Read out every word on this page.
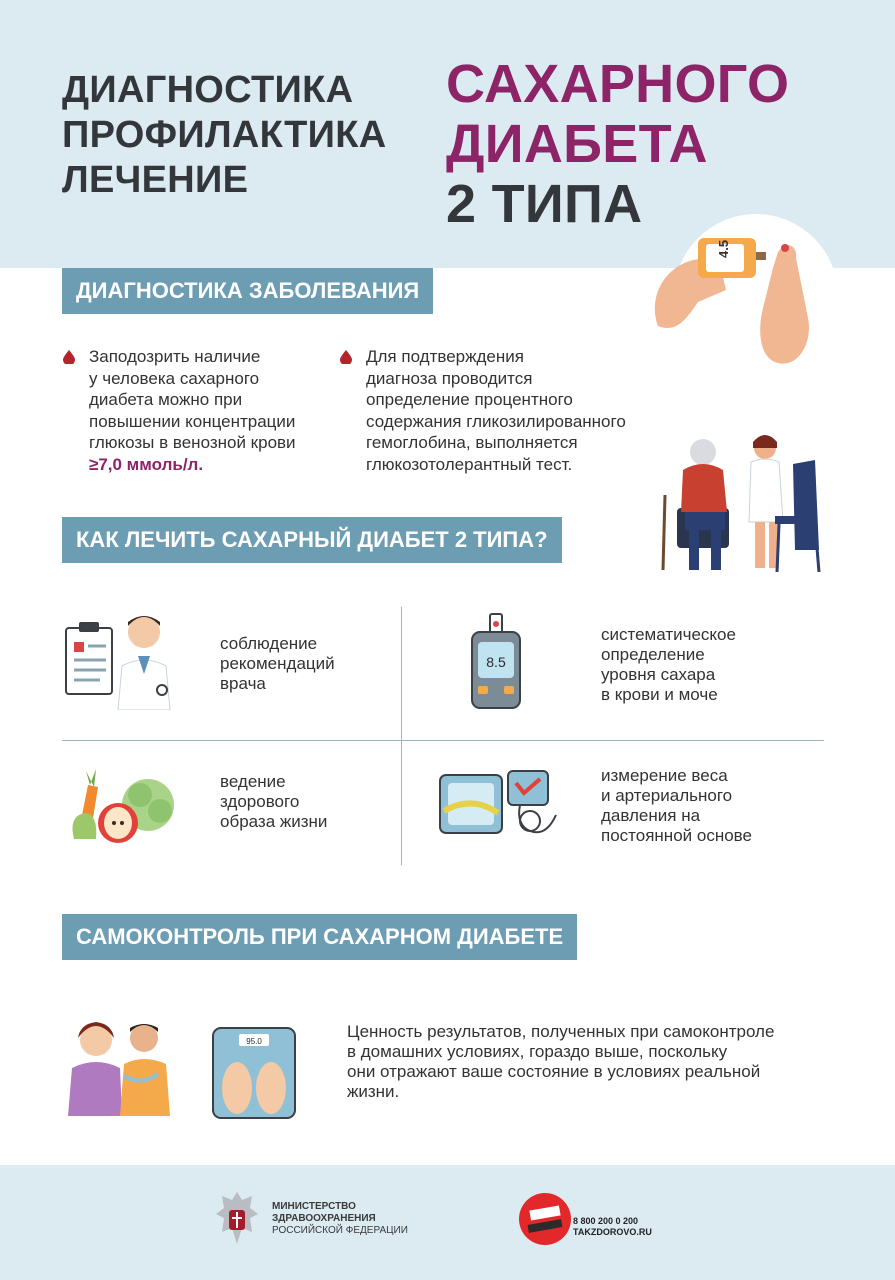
ДИАГНОСТИКА
ПРОФИЛАКТИКА
ЛЕЧЕНИЕ
САХАРНОГО
ДИАБЕТА
2 ТИПА
4.5
ДИАГНОСТИКА ЗАБОЛЕВАНИЯ
Заподозрить наличие
у человека сахарного
диабета можно при
повышении концентрации
глюкозы в венозной крови
≥7,0 ммоль/л.
Для подтверждения
диагноза проводится
определение процентного
содержания гликозилированного
гемоглобина, выполняется
глюкозотолерантный тест.
КАК ЛЕЧИТЬ САХАРНЫЙ ДИАБЕТ 2 ТИПА?
соблюдение
рекомендаций
врача
8.5
систематическое
определение
уровня сахара
в крови и моче
ведение
здорового
образа жизни
измерение веса
и артериального
давления на
постоянной основе
САМОКОНТРОЛЬ ПРИ САХАРНОМ ДИАБЕТЕ
95.0
Ценность результатов, полученных при самоконтроле
в домашних условиях, гораздо выше, поскольку
они отражают ваше состояние в условиях реальной
жизни.
МИНИСТЕРСТВО
ЗДРАВООХРАНЕНИЯ
РОССИЙСКОЙ ФЕДЕРАЦИИ
8 800 200 0 200
TAKZDOROVO.RU
